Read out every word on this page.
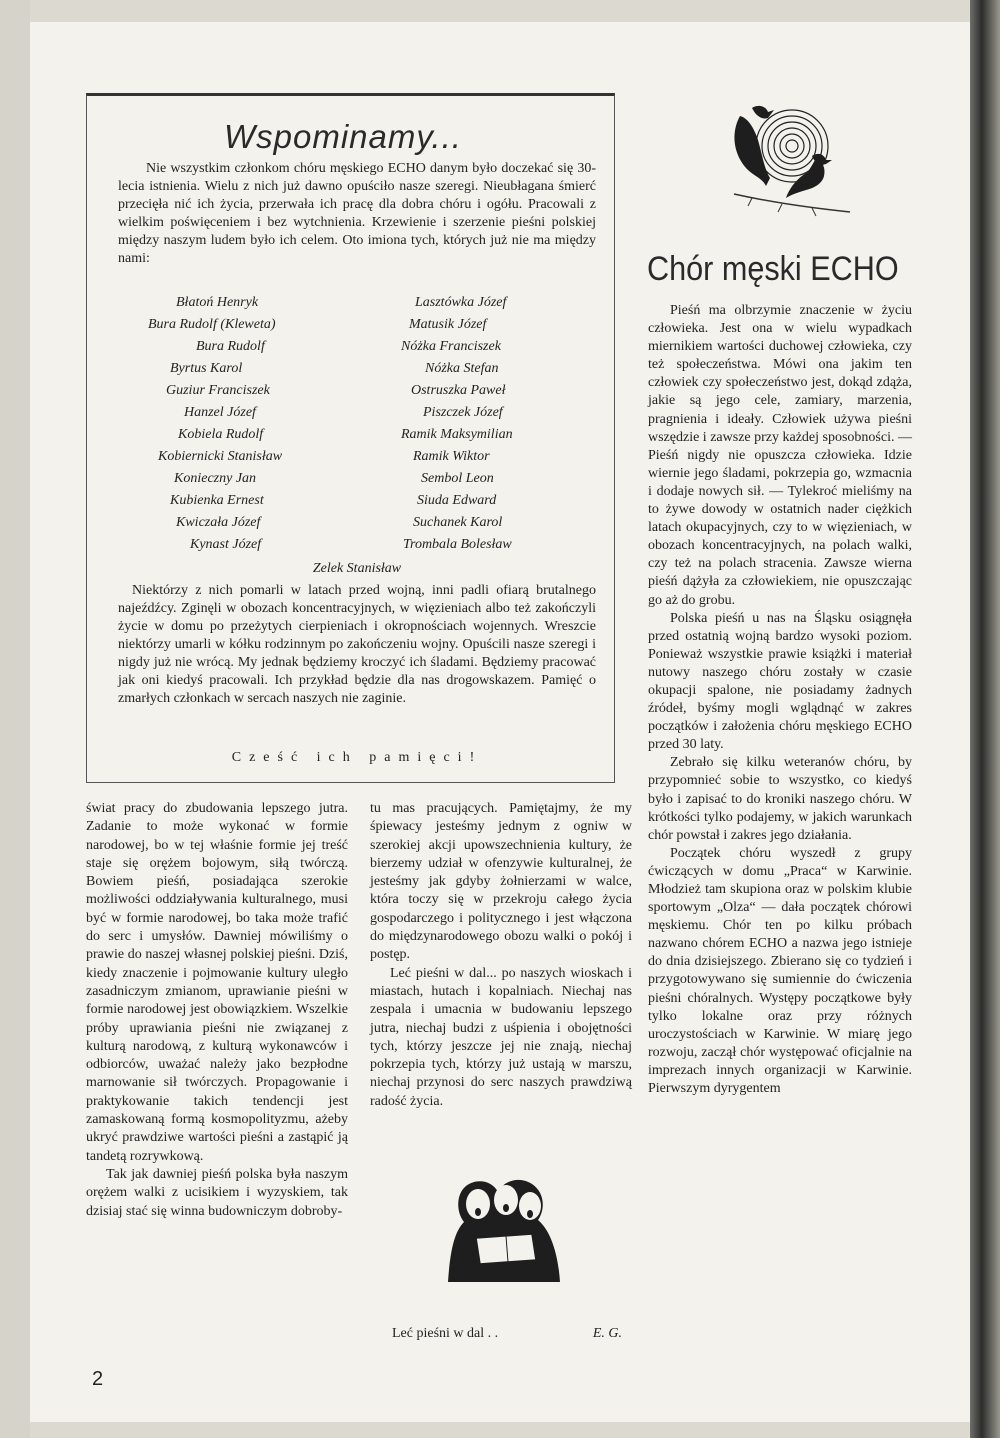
Wspominamy...
Nie wszystkim członkom chóru męskiego ECHO danym było doczekać się 30-lecia istnienia. Wielu z nich już dawno opuściło nasze szeregi. Nieubłagana śmierć przecięła nić ich życia, przerwała ich pracę dla dobra chóru i ogółu. Pracowali z wielkim poświęceniem i bez wytchnienia. Krzewienie i szerzenie pieśni polskiej między naszym ludem było ich celem. Oto imiona tych, których już nie ma między nami:
Błatoń Henryk
Bura Rudolf (Kleweta)
Bura Rudolf
Byrtus Karol
Guziur Franciszek
Hanzel Józef
Kobiela Rudolf
Kobiernicki Stanisław
Konieczny Jan
Kubienka Ernest
Kwiczała Józef
Kynast Józef
Lasztówka Józef
Matusik Józef
Nóżka Franciszek
Nóżka Stefan
Ostruszka Paweł
Piszczek Józef
Ramik Maksymilian
Ramik Wiktor
Sembol Leon
Siuda Edward
Suchanek Karol
Trombala Bolesław
Zelek Stanisław
Niektórzy z nich pomarli w latach przed wojną, inni padli ofiarą brutalnego najeźdźcy. Zginęli w obozach koncentracyjnych, w więzieniach albo też zakończyli życie w domu po przeżytych cierpieniach i okropnościach wojennych. Wreszcie niektórzy umarli w kółku rodzinnym po zakończeniu wojny. Opuścili nasze szeregi i nigdy już nie wrócą. My jednak będziemy kroczyć ich śladami. Będziemy pracować jak oni kiedyś pracowali. Ich przykład będzie dla nas drogowskazem. Pamięć o zmarłych członkach w sercach naszych nie zaginie.
Cześć ich pamięci!
Chór męski ECHO

Pieśń ma olbrzymie znaczenie w życiu człowieka. Jest ona w wielu wypadkach miernikiem wartości duchowej człowieka, czy też społeczeństwa. Mówi ona jakim ten człowiek czy społeczeństwo jest, dokąd zdąża, jakie są jego cele, zamiary, marzenia, pragnienia i ideały. Człowiek używa pieśni wszędzie i zawsze przy każdej sposobności. — Pieśń nigdy nie opuszcza człowieka. Idzie wiernie jego śladami, pokrzepia go, wzmacnia i dodaje nowych sił. — Tylekroć mieliśmy na to żywe dowody w ostatnich nader ciężkich latach okupacyjnych, czy to w więzieniach, w obozach koncentracyjnych, na polach walki, czy też na polach stracenia. Zawsze wierna pieśń dążyła za człowiekiem, nie opuszczając go aż do grobu.

Polska pieśń u nas na Śląsku osiągnęła przed ostatnią wojną bardzo wysoki poziom. Ponieważ wszystkie prawie książki i materiał nutowy naszego chóru zostały w czasie okupacji spalone, nie posiadamy żadnych źródeł, byśmy mogli wglądnąć w zakres początków i założenia chóru męskiego ECHO przed 30 laty.

Zebrało się kilku weteranów chóru, by przypomnieć sobie to wszystko, co kiedyś było i zapisać to do kroniki naszego chóru. W krótkości tylko podajemy, w jakich warunkach chór powstał i zakres jego działania.

Początek chóru wyszedł z grupy ćwiczących w domu „Praca“ w Karwinie. Młodzież tam skupiona oraz w polskim klubie sportowym „Olza“ — dała początek chórowi męskiemu. Chór ten po kilku próbach nazwano chórem ECHO a nazwa jego istnieje do dnia dzisiejszego. Zbierano się co tydzień i przygotowywano się sumiennie do ćwiczenia pieśni chóralnych. Występy początkowe były tylko lokalne oraz przy różnych uroczystościach w Karwinie. W miarę jego rozwoju, zaczął chór występować oficjalnie na imprezach innych organizacji w Karwinie. Pierwszym dyrygentem

świat pracy do zbudowania lepszego jutra. Zadanie to może wykonać w formie narodowej, bo w tej właśnie formie jej treść staje się orężem bojowym, siłą twórczą. Bowiem pieśń, posiadająca szerokie możliwości oddziaływania kulturalnego, musi być w formie narodowej, bo taka może trafić do serc i umysłów. Dawniej mówiliśmy o prawie do naszej własnej polskiej pieśni. Dziś, kiedy znaczenie i pojmowanie kultury uległo zasadniczym zmianom, uprawianie pieśni w formie narodowej jest obowiązkiem. Wszelkie próby uprawiania pieśni nie związanej z kulturą narodową, z kulturą wykonawców i odbiorców, uważać należy jako bezpłodne marnowanie sił twórczych. Propagowanie i praktykowanie takich tendencji jest zamaskowaną formą kosmopolityzmu, ażeby ukryć prawdziwe wartości pieśni a zastąpić ją tandetą rozrywkową.

Tak jak dawniej pieśń polska była naszym orężem walki z ucisikiem i wyzyskiem, tak dzisiaj stać się winna budowniczym dobroby-

tu mas pracujących. Pamiętajmy, że my śpiewacy jesteśmy jednym z ogniw w szerokiej akcji upowszechnienia kultury, że bierzemy udział w ofenzywie kulturalnej, że jesteśmy jak gdyby żołnierzami w walce, która toczy się w przekroju całego życia gospodarczego i politycznego i jest włączona do międzynarodowego obozu walki o pokój i postęp.

Leć pieśni w dal... po naszych wioskach i miastach, hutach i kopalniach. Niechaj nas zespala i umacnia w budowaniu lepszego jutra, niechaj budzi z uśpienia i obojętności tych, którzy jeszcze jej nie znają, niechaj pokrzepia tych, którzy już ustają w marszu, niechaj przynosi do serc naszych prawdziwą radość życia.

Leć pieśni w dal . .	E. G.
2
